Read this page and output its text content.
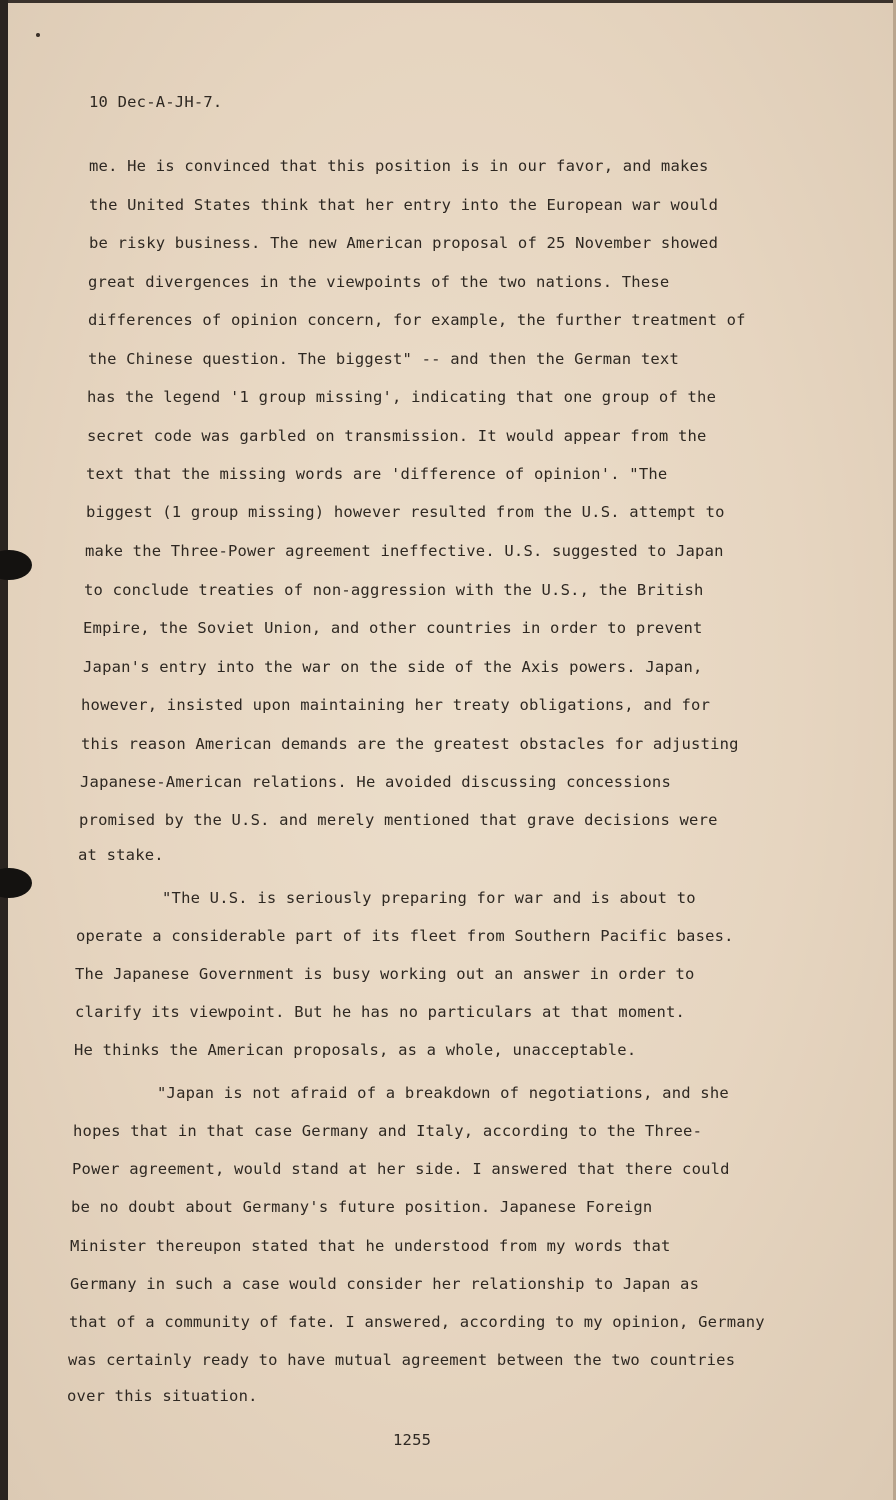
10 Dec-A-JH-7.
me. He is convinced that this position is in our favor, and makes
the United States think that her entry into the European war would
be risky business. The new American proposal of 25 November showed
great divergences in the viewpoints of the two nations. These
differences of opinion concern, for example, the further treatment of
the Chinese question. The biggest" -- and then the German text
has the legend '1 group missing', indicating that one group of the
secret code was garbled on transmission. It would appear from the
text that the missing words are 'difference of opinion'. "The
biggest (1 group missing) however resulted from the U.S. attempt to
make the Three-Power agreement ineffective. U.S. suggested to Japan
to conclude treaties of non-aggression with the U.S., the British
Empire, the Soviet Union, and other countries in order to prevent
Japan's entry into the war on the side of the Axis powers. Japan,
however, insisted upon maintaining her treaty obligations, and for
this reason American demands are the greatest obstacles for adjusting
Japanese-American relations. He avoided discussing concessions
promised by the U.S. and merely mentioned that grave decisions were
at stake.
"The U.S. is seriously preparing for war and is about to
operate a considerable part of its fleet from Southern Pacific bases.
The Japanese Government is busy working out an answer in order to
clarify its viewpoint. But he has no particulars at that moment.
He thinks the American proposals, as a whole, unacceptable.
"Japan is not afraid of a breakdown of negotiations, and she
hopes that in that case Germany and Italy, according to the Three-
Power agreement, would stand at her side. I answered that there could
be no doubt about Germany's future position. Japanese Foreign
Minister thereupon stated that he understood from my words that
Germany in such a case would consider her relationship to Japan as
that of a community of fate. I answered, according to my opinion, Germany
was certainly ready to have mutual agreement between the two countries
over this situation.
1255
